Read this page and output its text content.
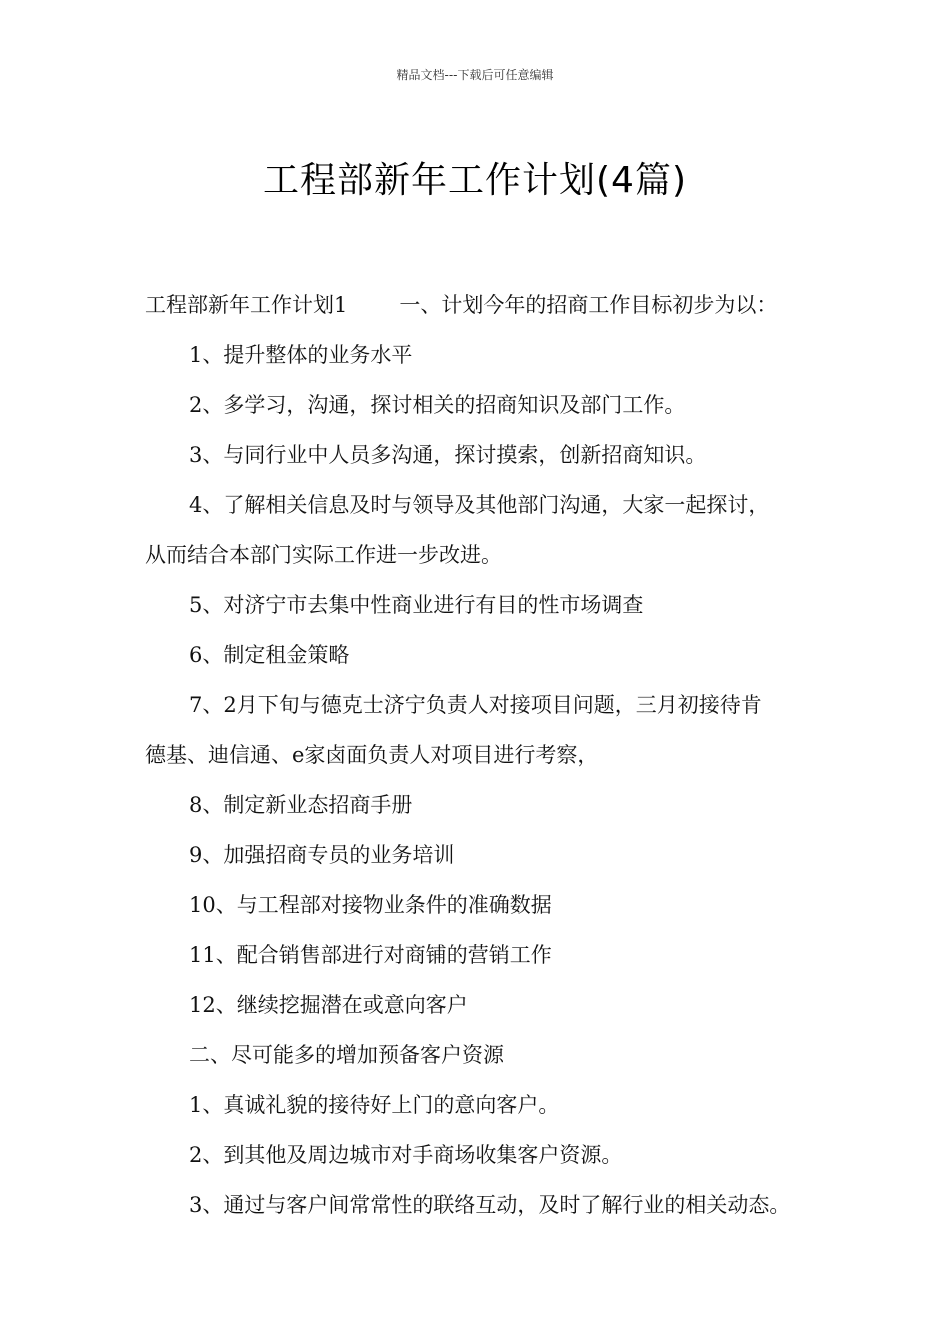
精品文档---下载后可任意编辑
工程部新年工作计划(4篇)
工程部新年工作计划1 一、计划今年的招商工作目标初步为以：
1、提升整体的业务水平
2、多学习，沟通，探讨相关的招商知识及部门工作。
3、与同行业中人员多沟通，探讨摸索，创新招商知识。
4、了解相关信息及时与领导及其他部门沟通，大家一起探讨，
从而结合本部门实际工作进一步改进。
5、对济宁市去集中性商业进行有目的性市场调查
6、制定租金策略
7、2月下旬与德克士济宁负责人对接项目问题，三月初接待肯
德基、迪信通、e家卤面负责人对项目进行考察，
8、制定新业态招商手册
9、加强招商专员的业务培训
10、与工程部对接物业条件的准确数据
11、配合销售部进行对商铺的营销工作
12、继续挖掘潜在或意向客户
二、尽可能多的增加预备客户资源
1、真诚礼貌的接待好上门的意向客户。
2、到其他及周边城市对手商场收集客户资源。
3、通过与客户间常常性的联络互动，及时了解行业的相关动态。
